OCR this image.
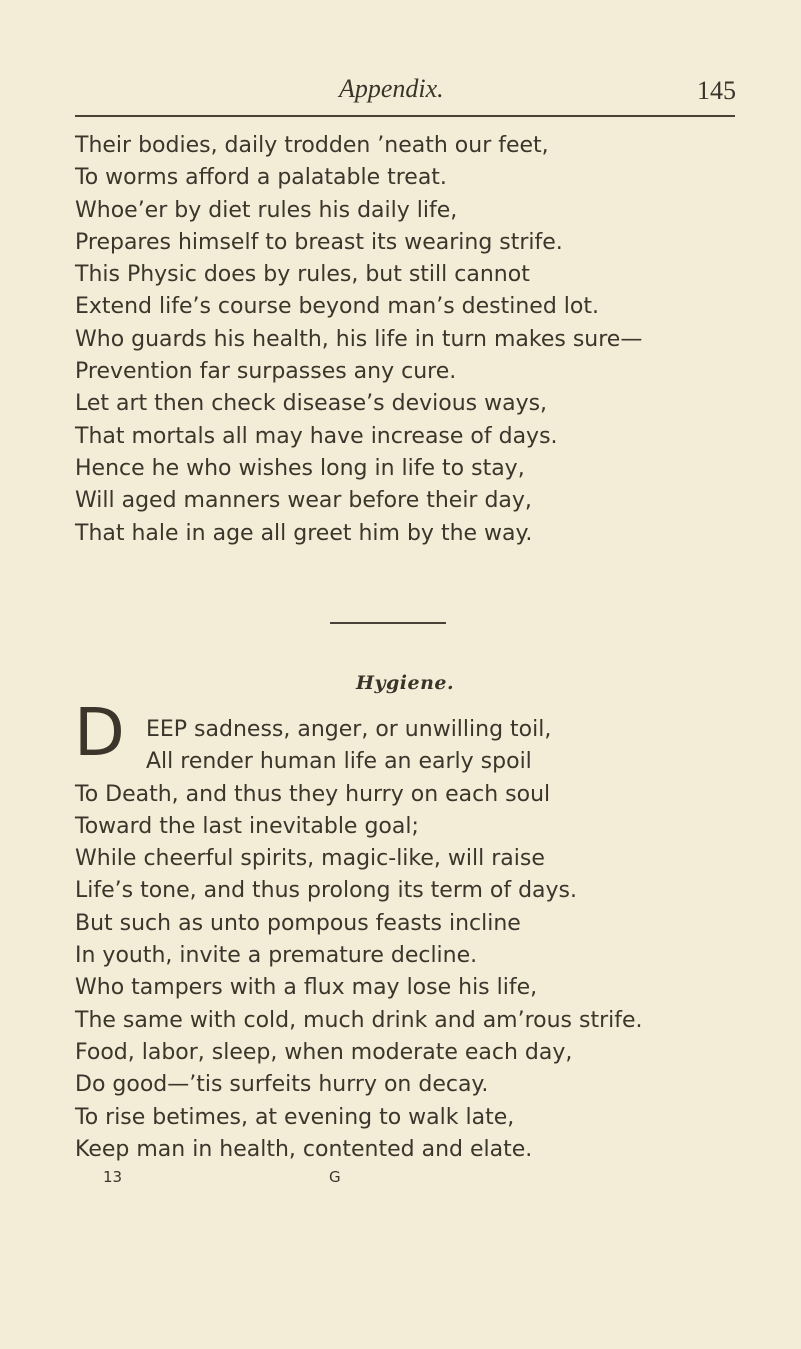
Appendix.	145
Their bodies, daily trodden ’neath our feet,
To worms afford a palatable treat.
Whoe’er by diet rules his daily life,
Prepares himself to breast its wearing strife.
This Physic does by rules, but still cannot
Extend life’s course beyond man’s destined lot.
Who guards his health, his life in turn makes sure—
Prevention far surpasses any cure.
Let art then check disease’s devious ways,
That mortals all may have increase of days.
Hence he who wishes long in life to stay,
Will aged manners wear before their day,
That hale in age all greet him by the way.
Hygiene.
D EEP sadness, anger, or unwilling toil,
All render human life an early spoil
To Death, and thus they hurry on each soul
Toward the last inevitable goal;
While cheerful spirits, magic-like, will raise
Life’s tone, and thus prolong its term of days.
But such as unto pompous feasts incline
In youth, invite a premature decline.
Who tampers with a flux may lose his life,
The same with cold, much drink and am’rous strife.
Food, labor, sleep, when moderate each day,
Do good—’tis surfeits hurry on decay.
To rise betimes, at evening to walk late,
Keep man in health, contented and elate.
13	G
